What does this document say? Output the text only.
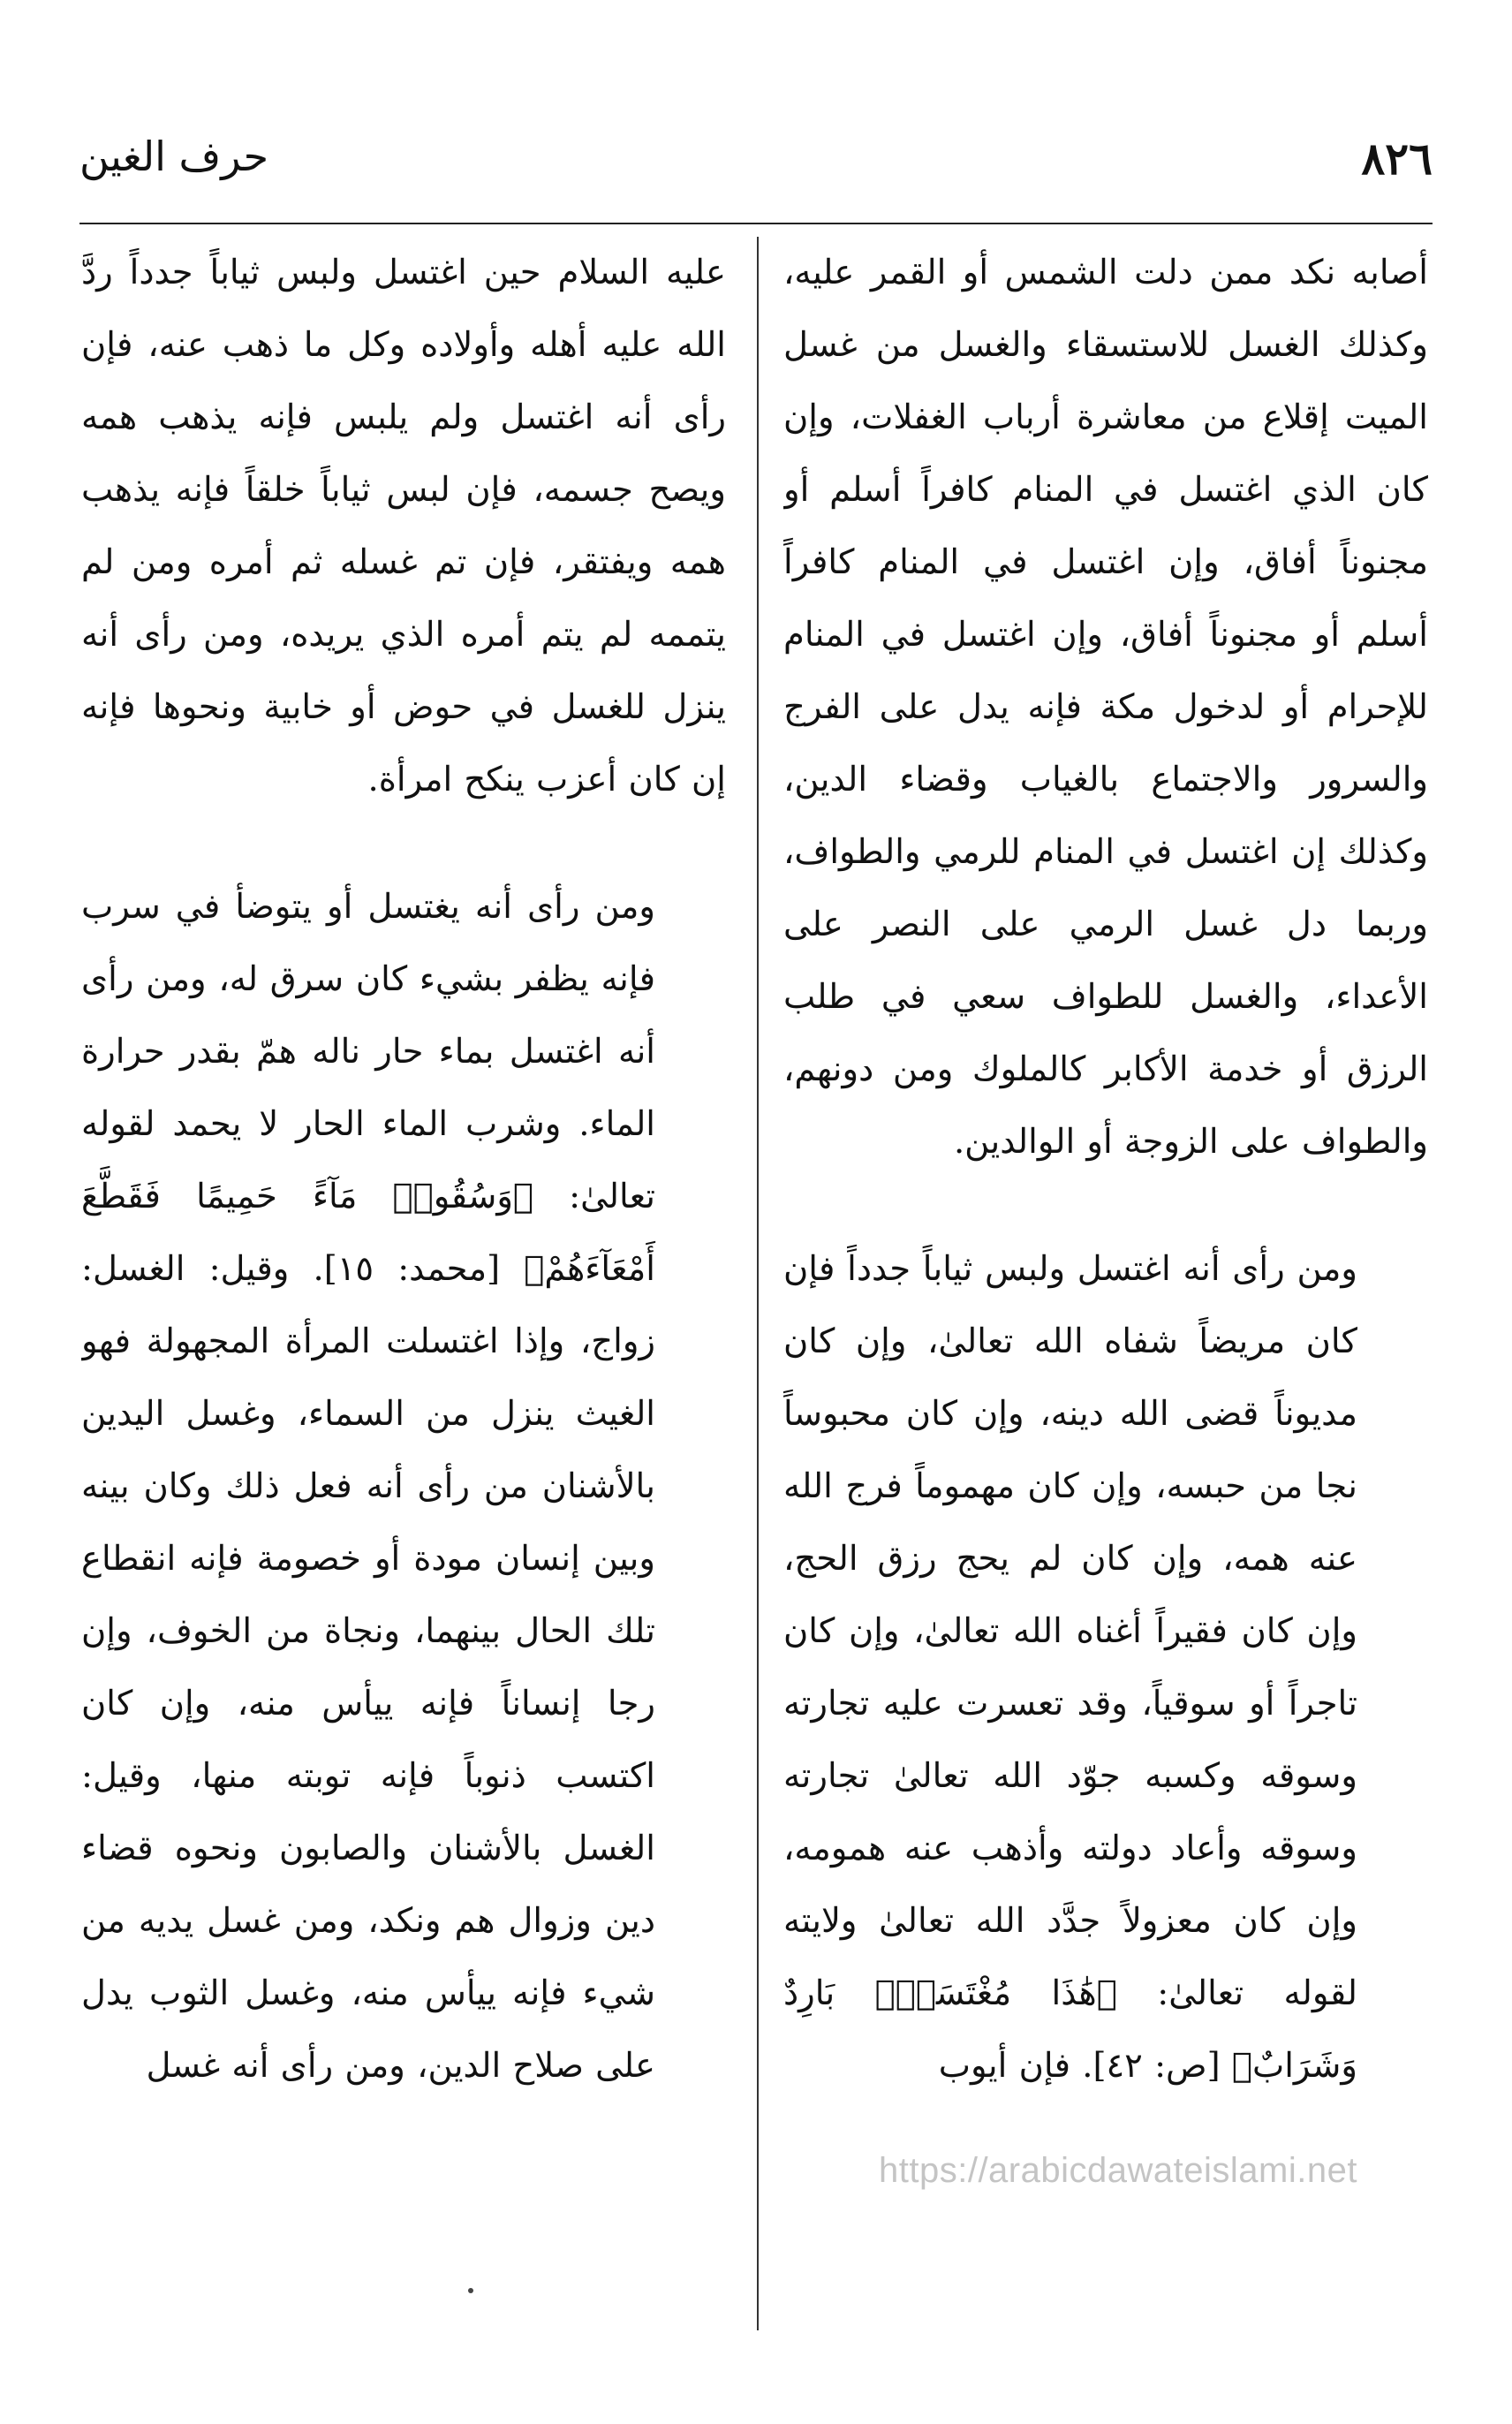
٨٢٦
حرف الغين

أصابه نكد ممن دلت الشمس أو القمر عليه، وكذلك الغسل للاستسقاء والغسل من غسل الميت إقلاع من معاشرة أرباب الغفلات، وإن كان الذي اغتسل في المنام كافراً أسلم أو مجنوناً أفاق، وإن اغتسل في المنام كافراً أسلم أو مجنوناً أفاق، وإن اغتسل في المنام للإحرام أو لدخول مكة فإنه يدل على الفرج والسرور والاجتماع بالغياب وقضاء الدين، وكذلك إن اغتسل في المنام للرمي والطواف، وربما دل غسل الرمي على النصر على الأعداء، والغسل للطواف سعي في طلب الرزق أو خدمة الأكابر كالملوك ومن دونهم، والطواف على الزوجة أو الوالدين.

ومن رأى أنه اغتسل ولبس ثياباً جدداً فإن كان مريضاً شفاه الله تعالىٰ، وإن كان مديوناً قضى الله دينه، وإن كان محبوساً نجا من حبسه، وإن كان مهموماً فرج الله عنه همه، وإن كان لم يحج رزق الحج، وإن كان فقيراً أغناه الله تعالىٰ، وإن كان تاجراً أو سوقياً، وقد تعسرت عليه تجارته وسوقه وكسبه جوّد الله تعالىٰ تجارته وسوقه وأعاد دولته وأذهب عنه همومه، وإن كان معزولاً جدَّد الله تعالىٰ ولايته لقوله تعالىٰ: ﴿هَٰذَا مُغْتَسَلٌۢ بَارِدٌ وَشَرَابٌ﴾ [ص: ٤٢]. فإن أيوب

عليه السلام حين اغتسل ولبس ثياباً جدداً ردَّ الله عليه أهله وأولاده وكل ما ذهب عنه، فإن رأى أنه اغتسل ولم يلبس فإنه يذهب همه ويصح جسمه، فإن لبس ثياباً خلقاً فإنه يذهب همه ويفتقر، فإن تم غسله ثم أمره ومن لم يتممه لم يتم أمره الذي يريده، ومن رأى أنه ينزل للغسل في حوض أو خابية ونحوها فإنه إن كان أعزب ينكح امرأة.

ومن رأى أنه يغتسل أو يتوضأ في سرب فإنه يظفر بشيء كان سرق له، ومن رأى أنه اغتسل بماء حار ناله همّ بقدر حرارة الماء. وشرب الماء الحار لا يحمد لقوله تعالىٰ: ﴿وَسُقُوا۟ مَآءً حَمِيمًا فَقَطَّعَ أَمْعَآءَهُمْ﴾ [محمد: ١٥]. وقيل: الغسل: زواج، وإذا اغتسلت المرأة المجهولة فهو الغيث ينزل من السماء، وغسل اليدين بالأشنان من رأى أنه فعل ذلك وكان بينه وبين إنسان مودة أو خصومة فإنه انقطاع تلك الحال بينهما، ونجاة من الخوف، وإن رجا إنساناً فإنه ييأس منه، وإن كان اكتسب ذنوباً فإنه توبته منها، وقيل: الغسل بالأشنان والصابون ونحوه قضاء دين وزوال هم ونكد، ومن غسل يديه من شيء فإنه ييأس منه، وغسل الثوب يدل على صلاح الدين، ومن رأى أنه غسل

https://arabicdawateislami.net
